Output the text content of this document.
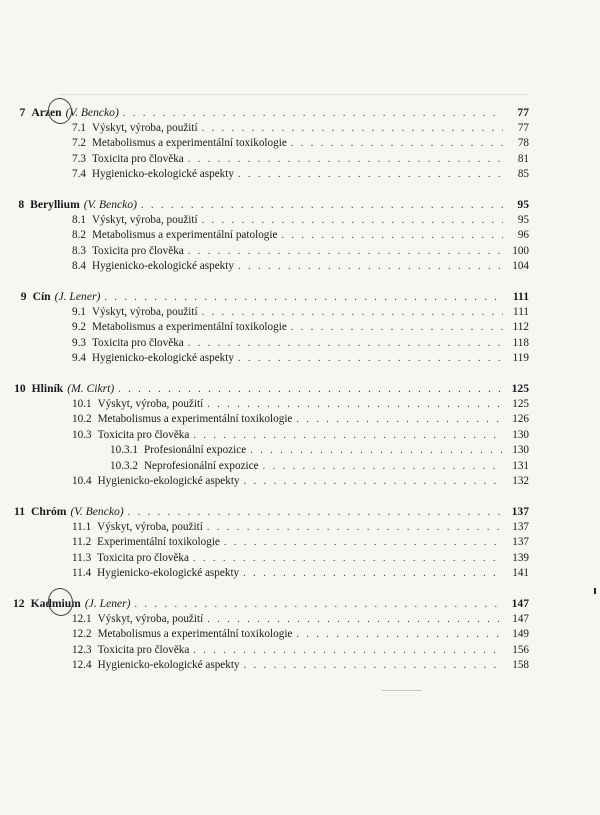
7 Arzen (V. Bencko) . . .	77
7.1 Výskyt, výroba, použití . . .	77
7.2 Metabolismus a experimentální toxikologie . . .	78
7.3 Toxicita pro člověka . . .	81
7.4 Hygienicko-ekologické aspekty . . .	85
8 Beryllium (V. Bencko) . . .	95
8.1 Výskyt, výroba, použití . . .	95
8.2 Metabolismus a experimentální patologie . . .	96
8.3 Toxicita pro člověka . . .	100
8.4 Hygienicko-ekologické aspekty . . .	104
9 Cín (J. Lener) . . .	111
9.1 Výskyt, výroba, použití . . .	111
9.2 Metabolismus a experimentální toxikologie . . .	112
9.3 Toxicita pro člověka . . .	118
9.4 Hygienicko-ekologické aspekty . . .	119
10 Hliník (M. Cikrt) . . .	125
10.1 Výskyt, výroba, použití . . .	125
10.2 Metabolismus a experimentální toxikologie . . .	126
10.3 Toxicita pro člověka . . .	130
10.3.1 Profesionální expozice . . .	130
10.3.2 Neprofesionální expozice . . .	131
10.4 Hygienicko-ekologické aspekty . . .	132
11 Chróm (V. Bencko) . . .	137
11.1 Výskyt, výroba, použití . . .	137
11.2 Experimentální toxikologie . . .	137
11.3 Toxicita pro člověka . . .	139
11.4 Hygienicko-ekologické aspekty . . .	141
12 Kadmium (J. Lener) . . .	147
12.1 Výskyt, výroba, použití . . .	147
12.2 Metabolismus a experimentální toxikologie . . .	149
12.3 Toxicita pro člověka . . .	156
12.4 Hygienicko-ekologické aspekty . . .	158
